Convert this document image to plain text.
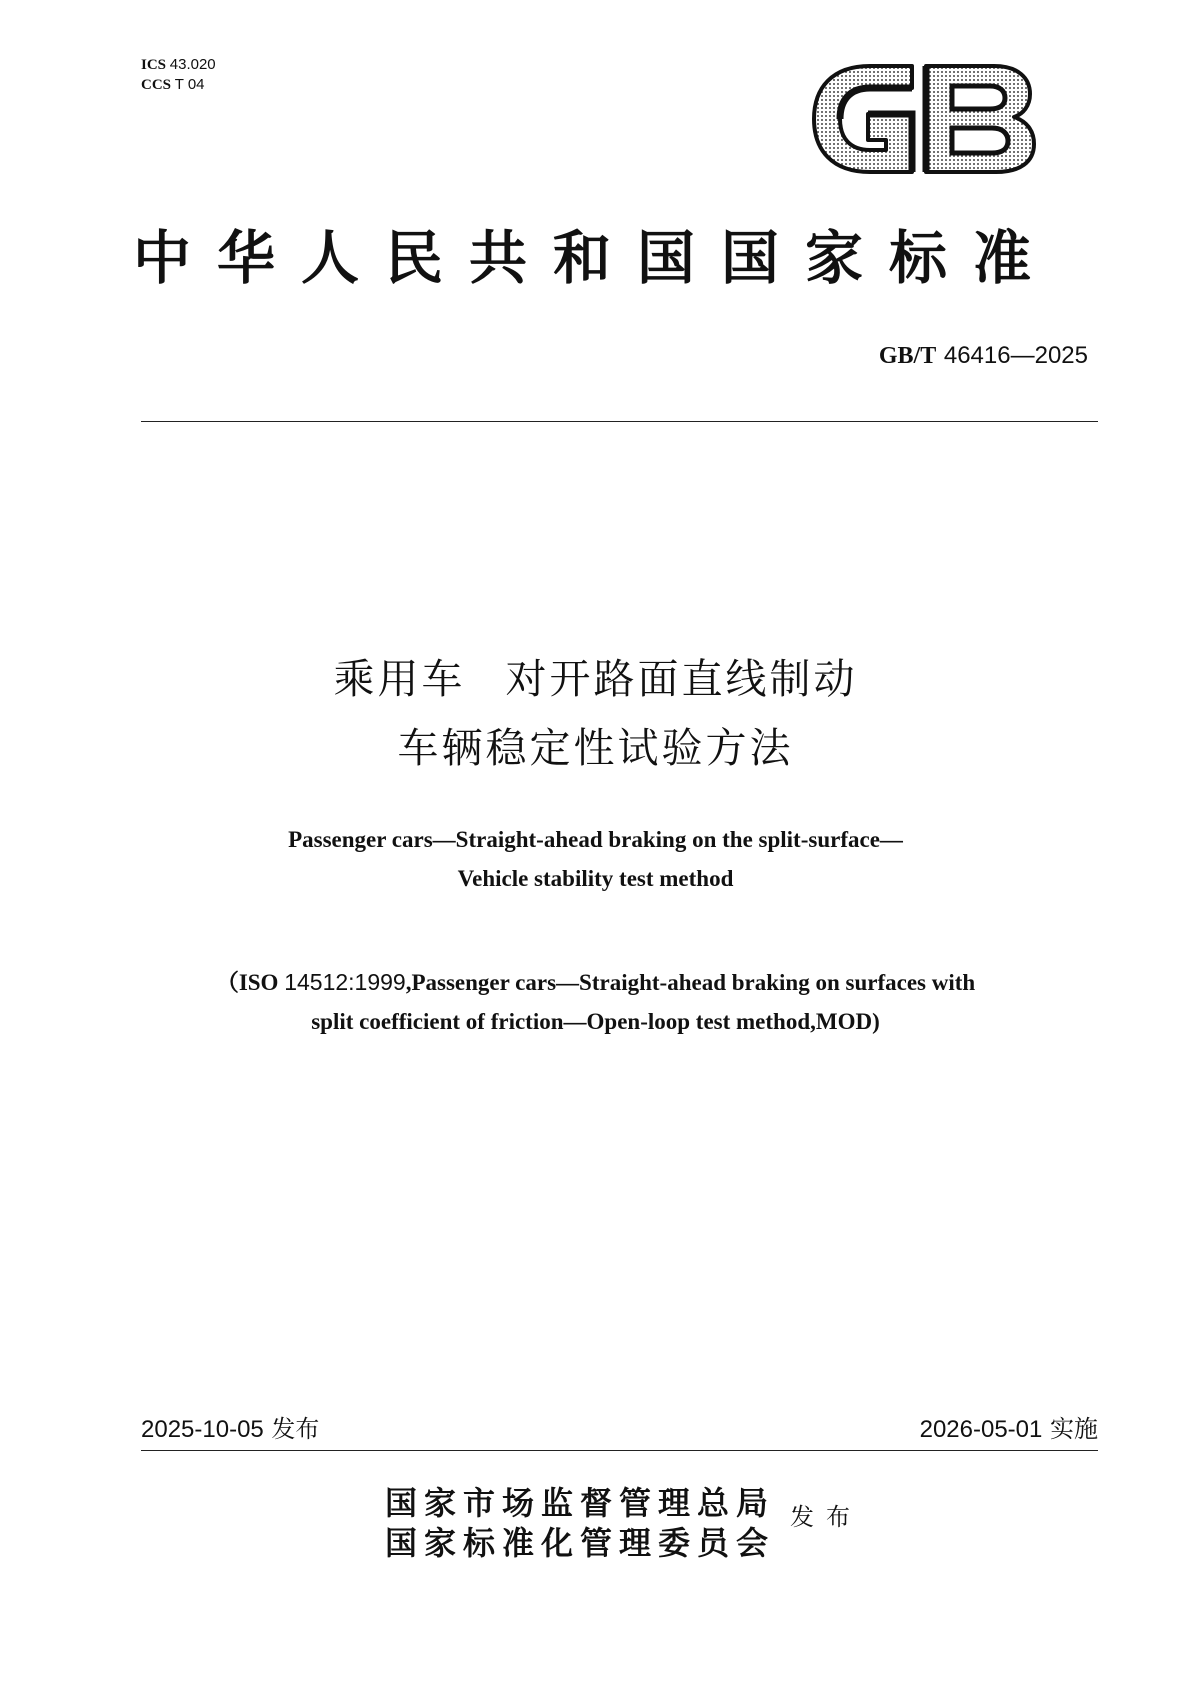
ICS 43.020
CCS T 04
中华人民共和国国家标准
GB/T 46416—2025
乘用车 对开路面直线制动
车辆稳定性试验方法
Passenger cars—Straight-ahead braking on the split-surface—
Vehicle stability test method
（ISO 14512:1999,Passenger cars—Straight-ahead braking on surfaces with
split coefficient of friction—Open-loop test method,MOD)
2025-10-05 发布	2026-05-01 实施
国家市场监督管理总局
国家标准化管理委员会
发布
